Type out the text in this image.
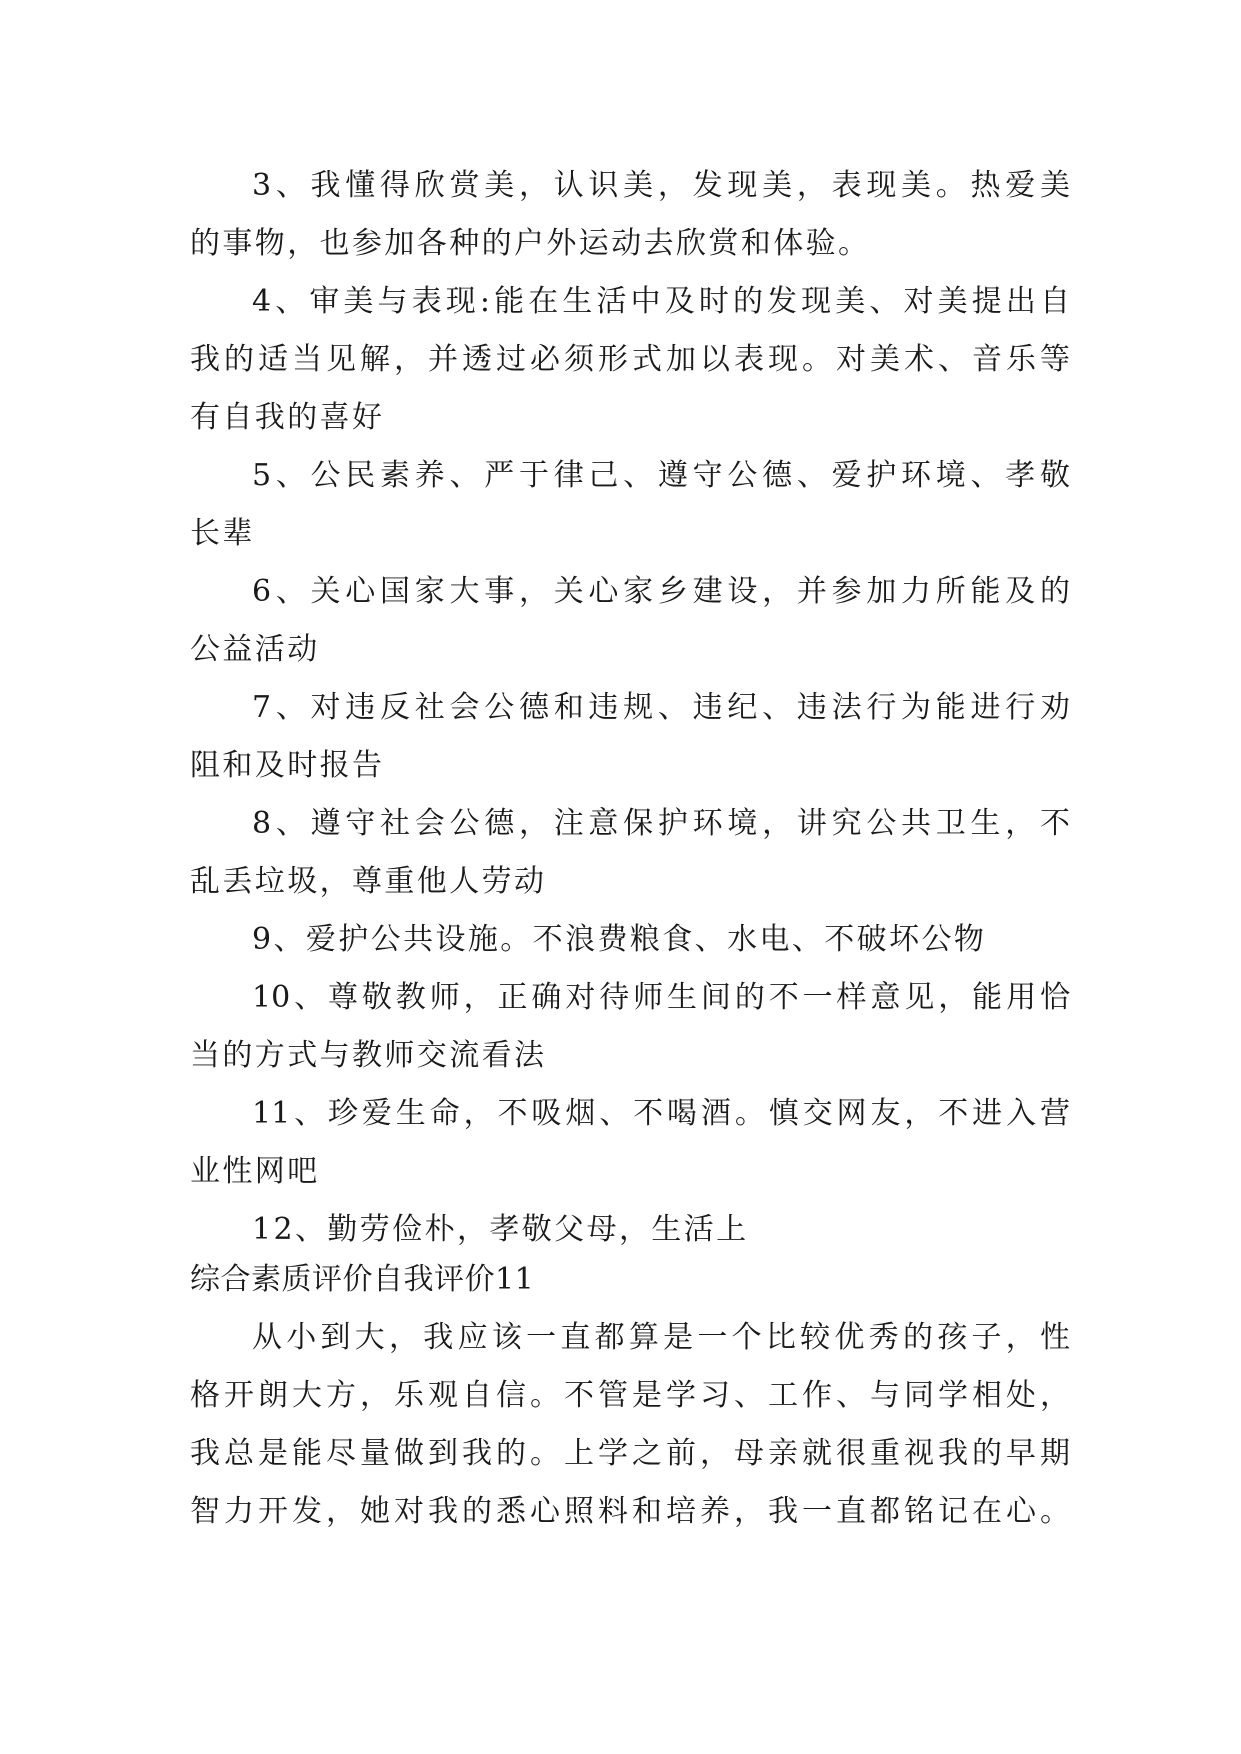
3、我懂得欣赏美，认识美，发现美，表现美。热爱美
的事物，也参加各种的户外运动去欣赏和体验。
4、审美与表现:能在生活中及时的发现美、对美提出自
我的适当见解，并透过必须形式加以表现。对美术、音乐等
有自我的喜好
5、公民素养、严于律己、遵守公德、爱护环境、孝敬
长辈
6、关心国家大事，关心家乡建设，并参加力所能及的
公益活动
7、对违反社会公德和违规、违纪、违法行为能进行劝
阻和及时报告
8、遵守社会公德，注意保护环境，讲究公共卫生，不
乱丢垃圾，尊重他人劳动
9、爱护公共设施。不浪费粮食、水电、不破坏公物
10、尊敬教师，正确对待师生间的不一样意见，能用恰
当的方式与教师交流看法
11、珍爱生命，不吸烟、不喝酒。慎交网友，不进入营
业性网吧
12、勤劳俭朴，孝敬父母，生活上
综合素质评价自我评价11
从小到大，我应该一直都算是一个比较优秀的孩子，性
格开朗大方，乐观自信。不管是学习、工作、与同学相处，
我总是能尽量做到我的。上学之前，母亲就很重视我的早期
智力开发，她对我的悉心照料和培养，我一直都铭记在心。
